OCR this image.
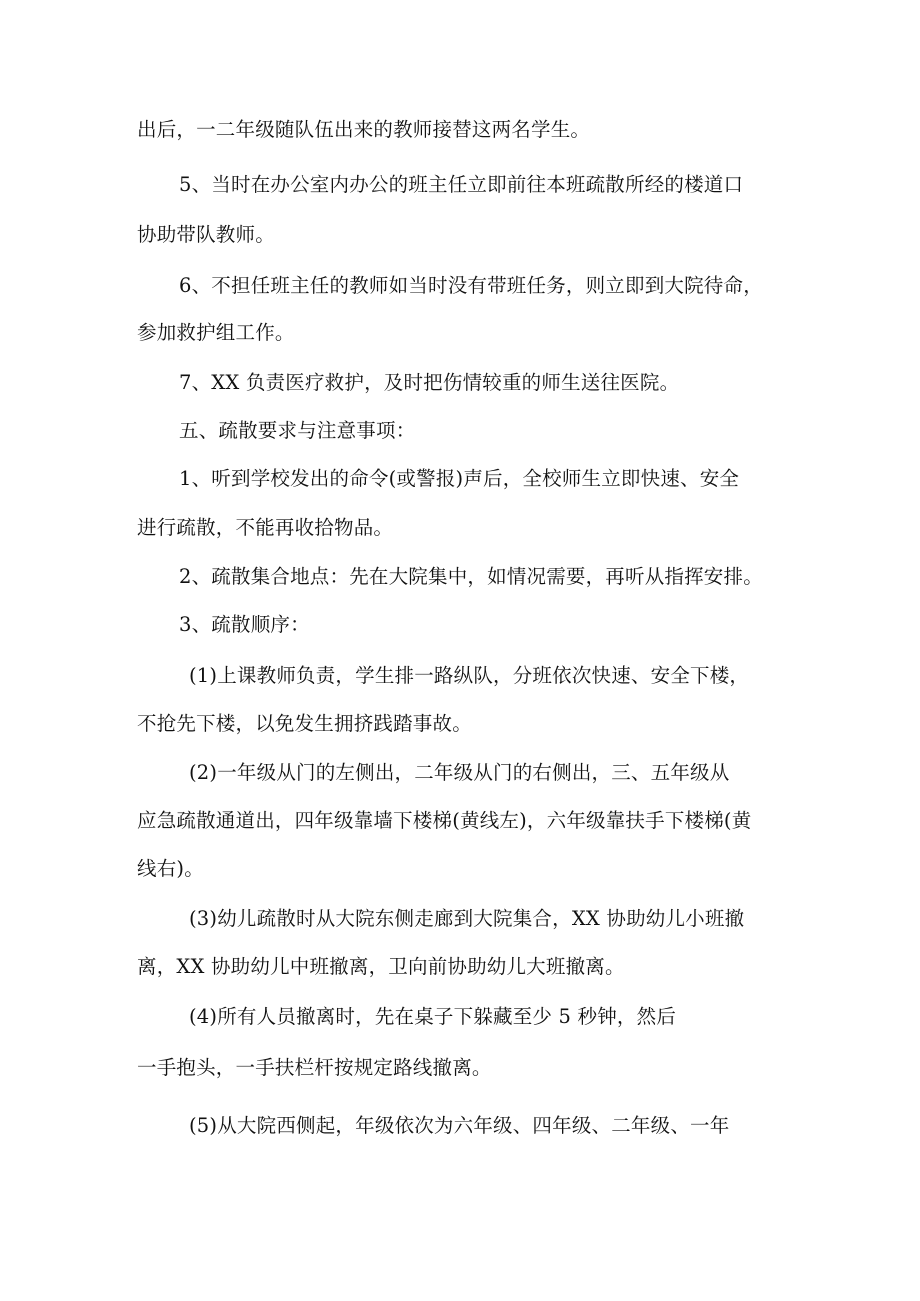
出后，一二年级随队伍出来的教师接替这两名学生。
5、当时在办公室内办公的班主任立即前往本班疏散所经的楼道口
协助带队教师。
6、不担任班主任的教师如当时没有带班任务，则立即到大院待命，
参加救护组工作。
7、XX 负责医疗救护，及时把伤情较重的师生送往医院。
五、疏散要求与注意事项：
1、听到学校发出的命令(或警报)声后，全校师生立即快速、安全
进行疏散，不能再收拾物品。
2、疏散集合地点：先在大院集中，如情况需要，再听从指挥安排。
3、疏散顺序：
(1)上课教师负责，学生排一路纵队，分班依次快速、安全下楼，
不抢先下楼，以免发生拥挤践踏事故。
(2)一年级从门的左侧出，二年级从门的右侧出，三、五年级从
应急疏散通道出，四年级靠墙下楼梯(黄线左)，六年级靠扶手下楼梯(黄
线右)。
(3)幼儿疏散时从大院东侧走廊到大院集合，XX 协助幼儿小班撤
离，XX 协助幼儿中班撤离，卫向前协助幼儿大班撤离。
(4)所有人员撤离时，先在桌子下躲藏至少 5 秒钟，然后
一手抱头，一手扶栏杆按规定路线撤离。
(5)从大院西侧起，年级依次为六年级、四年级、二年级、一年
